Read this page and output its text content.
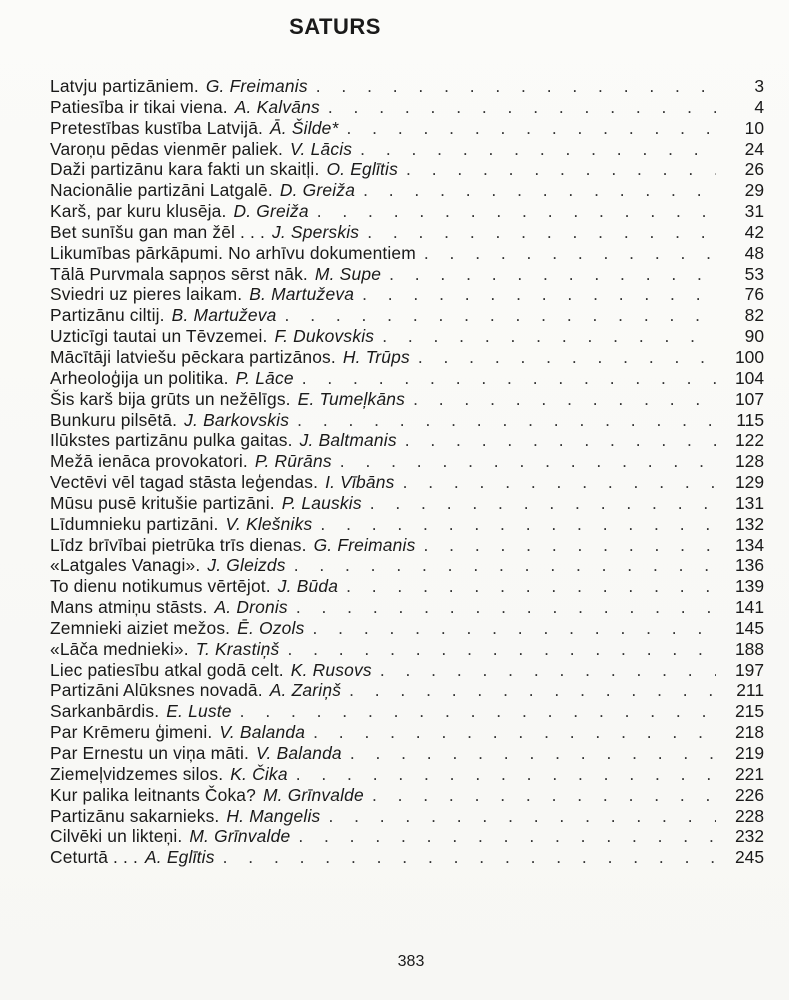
SATURS
Latvju partizāniem. G. Freimanis . . .	3
Patiesība ir tikai viena. A. Kalvāns . . .	4
Pretestības kustība Latvijā. Ā. Šilde* . . .	10
Varoņu pēdas vienmēr paliek. V. Lācis . . .	24
Daži partizānu kara fakti un skaitļi. O. Eglītis . . .	26
Nacionālie partizāni Latgalē. D. Greiža . . .	29
Karš, par kuru klusēja. D. Greiža . . .	31
Bet sunīšu gan man žēl . . . J. Sperskis . . .	42
Likumības pārkāpumi. No arhīvu dokumentiem . . .	48
Tālā Purvmala sapņos sērst nāk. M. Supe . . .	53
Sviedri uz pieres laikam. B. Martuževa . . .	76
Partizānu ciltij. B. Martuževa . . .	82
Uzticīgi tautai un Tēvzemei. F. Dukovskis . . .	90
Mācītāji latviešu pēckara partizānos. H. Trūps . . .	100
Arheoloģija un politika. P. Lāce . . .	104
Šis karš bija grūts un nežēlīgs. E. Tumeļkāns . . .	107
Bunkuru pilsētā. J. Barkovskis . . .	115
Ilūkstes partizānu pulka gaitas. J. Baltmanis . . .	122
Mežā ienāca provokatori. P. Rūrāns . . .	128
Vectēvi vēl tagad stāsta leģendas. I. Vībāns . . .	129
Mūsu pusē kritušie partizāni. P. Lauskis . . .	131
Līdumnieku partizāni. V. Klešniks . . .	132
Līdz brīvībai pietrūka trīs dienas. G. Freimanis . . .	134
«Latgales Vanagi». J. Gleizds . . .	136
To dienu notikumus vērtējot. J. Būda . . .	139
Mans atmiņu stāsts. A. Dronis . . .	141
Zemnieki aiziet mežos. Ē. Ozols . . .	145
«Lāča mednieki». T. Krastiņš . . .	188
Liec patiesību atkal godā celt. K. Rusovs . . .	197
Partizāni Alūksnes novadā. A. Zariņš . . .	211
Sarkanbārdis. E. Luste . . .	215
Par Krēmeru ģimeni. V. Balanda . . .	218
Par Ernestu un viņa māti. V. Balanda . . .	219
Ziemeļvidzemes silos. K. Čika . . .	221
Kur palika leitnants Čoka? M. Grīnvalde . . .	226
Partizānu sakarnieks. H. Mangelis . . .	228
Cilvēki un likteņi. M. Grīnvalde . . .	232
Ceturtā . . . A. Eglītis . . .	245
383
